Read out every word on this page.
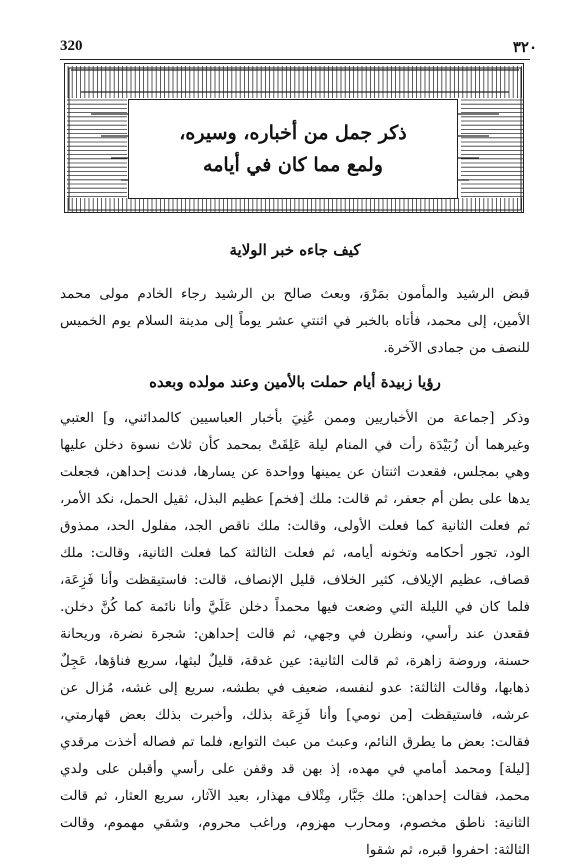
320	٣٢٠
ذكر جمل من أخباره، وسيره،
ولمع مما كان في أيامه
كيف جاءه خبر الولاية
قبض الرشيد والمأمون بمَرْوَ، وبعث صالح بن الرشيد رجاء الخادم مولى محمد الأمين، إلى محمد، فأتاه بالخبر في اثنتي عشر يوماً إلى مدينة السلام يوم الخميس للنصف من جمادى الآخرة.
رؤيا زبيدة أيام حملت بالأمين وعند مولده وبعده
وذكر [جماعة من الأخباريين وممن عُنِيَ بأخبار العباسيين كالمدائني، و] العتبي وغيرهما أن زُبَيْدَة رأت في المنام ليلة عَلِقَتْ بمحمد كأن ثلاث نسوة دخلن عليها وهي بمجلس، فقعدت اثنتان عن يمينها وواحدة عن يسارها، فدنت إحداهن، فجعلت يدها على بطن أم جعفر، ثم قالت: ملك [فخم] عظيم البذل، ثقيل الحمل، نكد الأمر، ثم فعلت الثانية كما فعلت الأولى، وقالت: ملك ناقص الجد، مفلول الحد، ممذوق الود، تجور أحكامه وتخونه أيامه، ثم فعلت الثالثة كما فعلت الثانية، وقالت: ملك قصاف، عظيم الإيلاف، كثير الخلاف، قليل الإنصاف، قالت: فاستيقظت وأنا فَزِعَة، فلما كان في الليلة التي وضعت فيها محمداً دخلن عَلَيَّ وأنا نائمة كما كُنَّ دخلن. فقعدن عند رأسي، ونظرن في وجهي، ثم قالت إحداهن: شجرة نضرة، وريحانة حسنة، وروضة زاهرة، ثم قالت الثانية: عين غدقة، قليلٌ لبثها، سريع فناؤها، عَجِلٌ ذهابها، وقالت الثالثة: عدو لنفسه، ضعيف في بطشه، سريع إلى غشه، مُزال عن عرشه، فاستيقظت [من نومي] وأنا فَزِعَة بذلك، وأخبرت بذلك بعض قهارمتي، فقالت: بعض ما يطرق النائم، وعبث من عبث التوابع، فلما تم فصاله أخذت مرقدي [ليلة] ومحمد أمامي في مهده، إذ بهن قد وقفن على رأسي وأقبلن على ولدي محمد، فقالت إحداهن: ملك جَبَّار، مِتْلاف مهذار، بعيد الآثار، سريع العثار، ثم قالت الثانية: ناطق مخصوم، ومحارب مهزوم، وراغب محروم، وشقي مهموم، وقالت الثالثة: احفروا قبره، ثم شقوا
